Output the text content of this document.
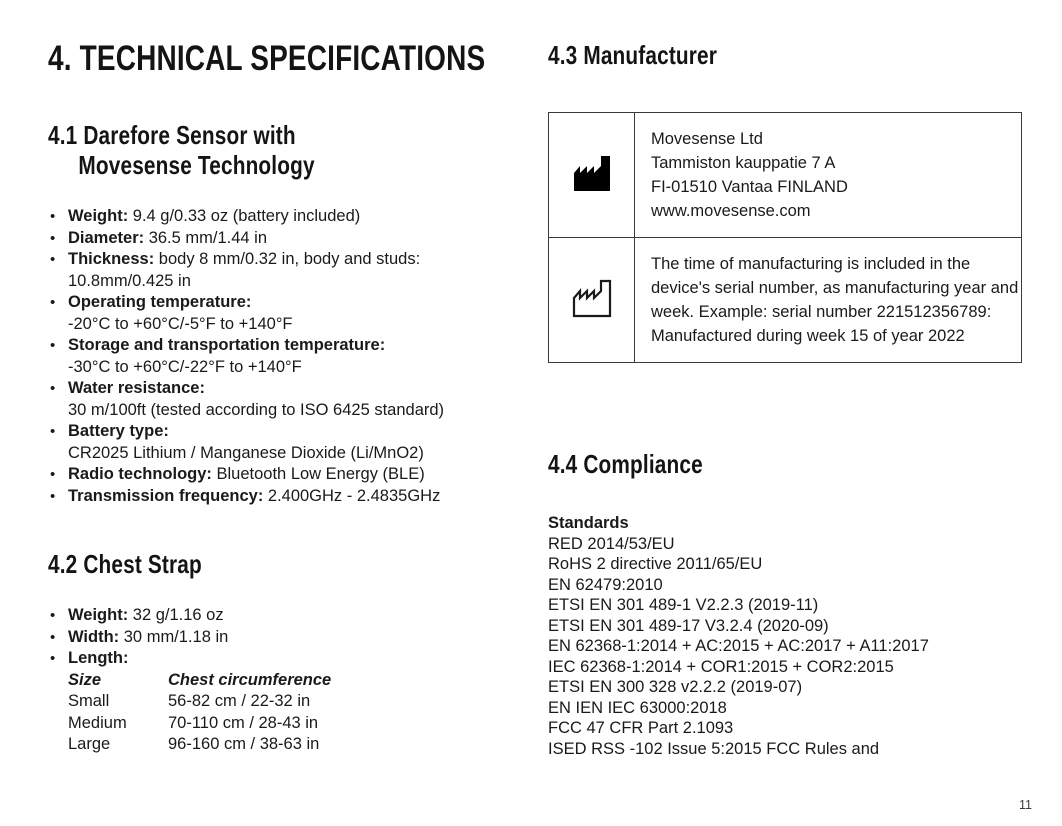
4. TECHNICAL SPECIFICATIONS
4.1 Darefore Sensor with
Movesense Technology
• Weight: 9.4 g/0.33 oz (battery included)
• Diameter: 36.5 mm/1.44 in
• Thickness: body 8 mm/0.32 in, body and studs:
10.8mm/0.425 in
• Operating temperature:
-20°C to +60°C/-5°F to +140°F
• Storage and transportation temperature:
-30°C to +60°C/-22°F to +140°F
• Water resistance:
30 m/100ft (tested according to ISO 6425 standard)
• Battery type:
CR2025 Lithium / Manganese Dioxide (Li/MnO2)
• Radio technology: Bluetooth Low Energy (BLE)
• Transmission frequency: 2.400GHz - 2.4835GHz
4.2 Chest Strap
• Weight: 32 g/1.16 oz
• Width: 30 mm/1.18 in
• Length:
Size	Chest circumference
Small	56-82 cm / 22-32 in
Medium	70-110 cm / 28-43 in
Large	96-160 cm / 38-63 in
4.3 Manufacturer
Movesense Ltd
Tammiston kauppatie 7 A
FI-01510 Vantaa FINLAND
www.movesense.com
The time of manufacturing is included in the
device's serial number, as manufacturing year and
week. Example: serial number 221512356789:
Manufactured during week 15 of year 2022
4.4 Compliance
Standards
RED 2014/53/EU
RoHS 2 directive 2011/65/EU
EN 62479:2010
ETSI EN 301 489-1 V2.2.3 (2019-11)
ETSI EN 301 489-17 V3.2.4 (2020-09)
EN 62368-1:2014 + AC:2015 + AC:2017 + A11:2017
IEC 62368-1:2014 + COR1:2015 + COR2:2015
ETSI EN 300 328 v2.2.2 (2019-07)
EN IEN IEC 63000:2018
FCC 47 CFR Part 2.1093
ISED RSS -102 Issue 5:2015 FCC Rules and
11
